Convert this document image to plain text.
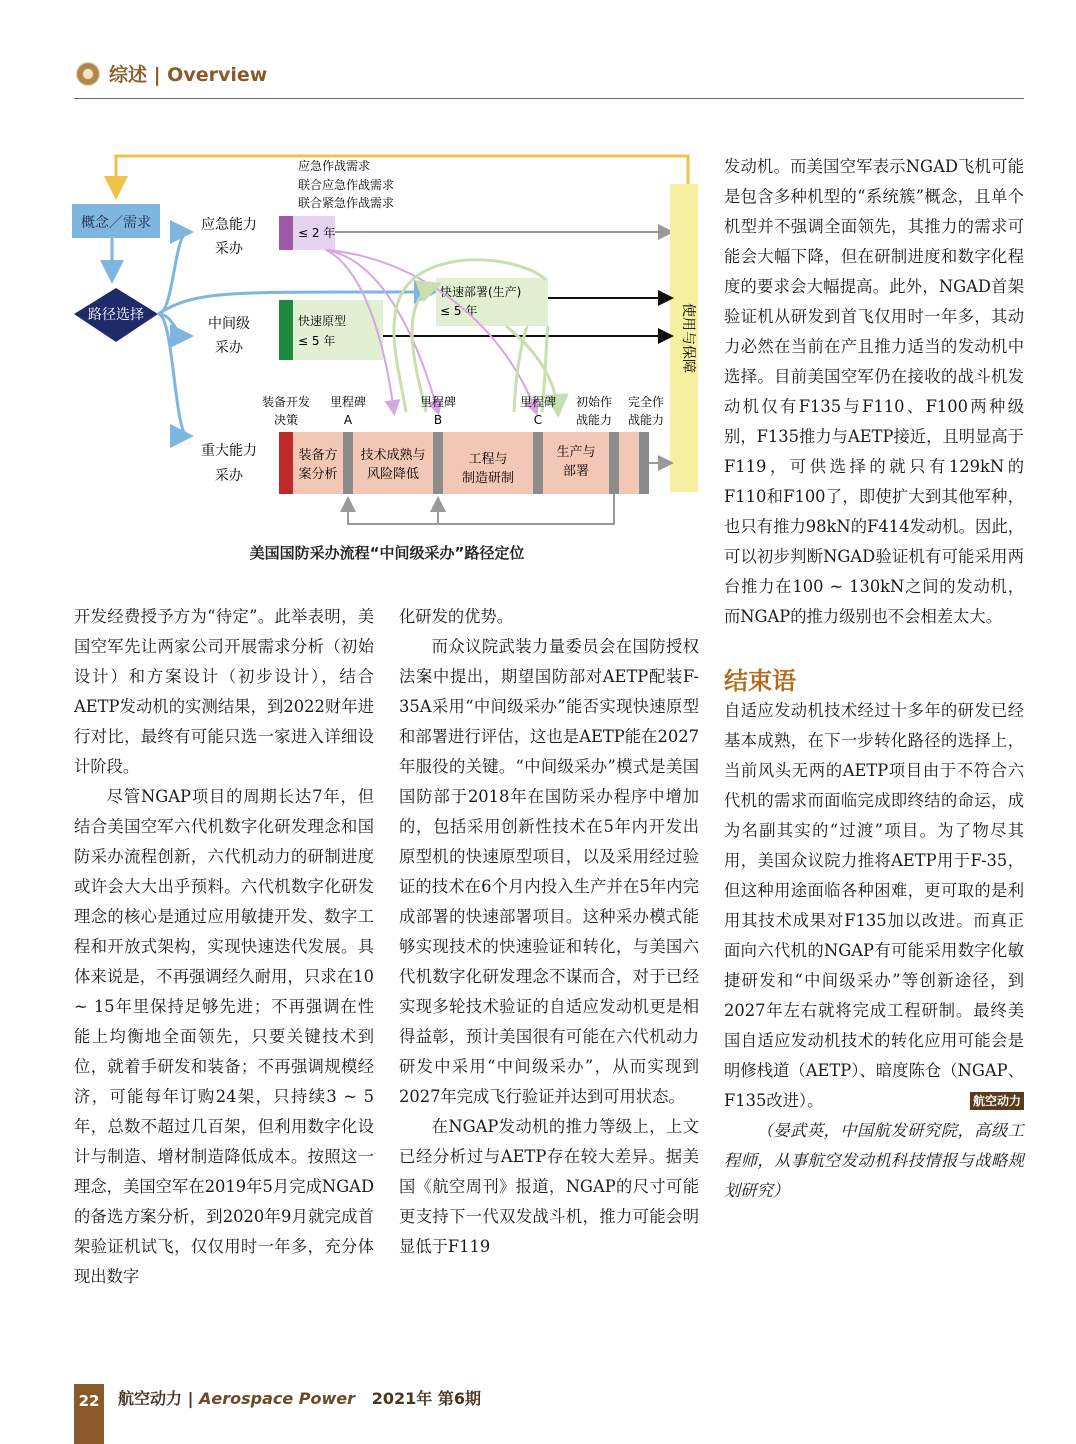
综述 | Overview
概念／需求
路径选择
应急能力
采办
中间级
采办
重大能力
采办
应急作战需求
联合应急作战需求
联合紧急作战需求
≤ 2 年
使用与保障
快速部署(生产)
≤ 5 年
快速原型
≤ 5 年
装备开发
决策
里程碑
A
里程碑
B
里程碑
C
初始作
战能力
完全作
战能力
装备方
案分析
技术成熟与
风险降低
工程与
制造研制
生产与
部署
美国国防采办流程“中间级采办”路径定位

发动机。而美国空军表示NGAD飞机可能是包含多种机型的“系统簇”概念，且单个机型并不强调全面领先，其推力的需求可能会大幅下降，但在研制进度和数字化程度的要求会大幅提高。此外，NGAD首架验证机从研发到首飞仅用时一年多，其动力必然在当前在产且推力适当的发动机中选择。目前美国空军仍在接收的战斗机发动机仅有F135与F110、F100两种级别，F135推力与AETP接近，且明显高于F119，可供选择的就只有129kN的F110和F100了，即使扩大到其他军种，也只有推力98kN的F414发动机。因此，可以初步判断NGAD验证机有可能采用两台推力在100 ~ 130kN之间的发动机，而NGAP的推力级别也不会相差太大。

结束语

自适应发动机技术经过十多年的研发已经基本成熟，在下一步转化路径的选择上，当前风头无两的AETP项目由于不符合六代机的需求而面临完成即终结的命运，成为名副其实的“过渡”项目。为了物尽其用，美国众议院力推将AETP用于F-35，但这种用途面临各种困难，更可取的是利用其技术成果对F135加以改进。而真正面向六代机的NGAP有可能采用数字化敏捷研发和“中间级采办”等创新途径，到2027年左右就将完成工程研制。最终美国自适应发动机技术的转化应用可能会是明修栈道（AETP）、暗度陈仓（NGAP、F135改进）。	航空动力

（晏武英，中国航发研究院，高级工程师，从事航空发动机科技情报与战略规划研究）

开发经费授予方为“待定”。此举表明，美国空军先让两家公司开展需求分析（初始设计）和方案设计（初步设计），结合AETP发动机的实测结果，到2022财年进行对比，最终有可能只选一家进入详细设计阶段。

尽管NGAP项目的周期长达7年，但结合美国空军六代机数字化研发理念和国防采办流程创新，六代机动力的研制进度或许会大大出乎预料。六代机数字化研发理念的核心是通过应用敏捷开发、数字工程和开放式架构，实现快速迭代发展。具体来说是，不再强调经久耐用，只求在10 ~ 15年里保持足够先进；不再强调在性能上均衡地全面领先，只要关键技术到位，就着手研发和装备；不再强调规模经济，可能每年订购24架，只持续3 ~ 5年，总数不超过几百架，但利用数字化设计与制造、增材制造降低成本。按照这一理念，美国空军在2019年5月完成NGAD的备选方案分析，到2020年9月就完成首架验证机试飞，仅仅用时一年多，充分体现出数字

化研发的优势。

而众议院武装力量委员会在国防授权法案中提出，期望国防部对AETP配装F-35A采用“中间级采办”能否实现快速原型和部署进行评估，这也是AETP能在2027年服役的关键。“中间级采办”模式是美国国防部于2018年在国防采办程序中增加的，包括采用创新性技术在5年内开发出原型机的快速原型项目，以及采用经过验证的技术在6个月内投入生产并在5年内完成部署的快速部署项目。这种采办模式能够实现技术的快速验证和转化，与美国六代机数字化研发理念不谋而合，对于已经实现多轮技术验证的自适应发动机更是相得益彰，预计美国很有可能在六代机动力研发中采用“中间级采办”，从而实现到2027年完成飞行验证并达到可用状态。

在NGAP发动机的推力等级上，上文已经分析过与AETP存在较大差异。据美国《航空周刊》报道，NGAP的尺寸可能更支持下一代双发战斗机，推力可能会明显低于F119

22 航空动力 | Aerospace Power 2021年 第6期
